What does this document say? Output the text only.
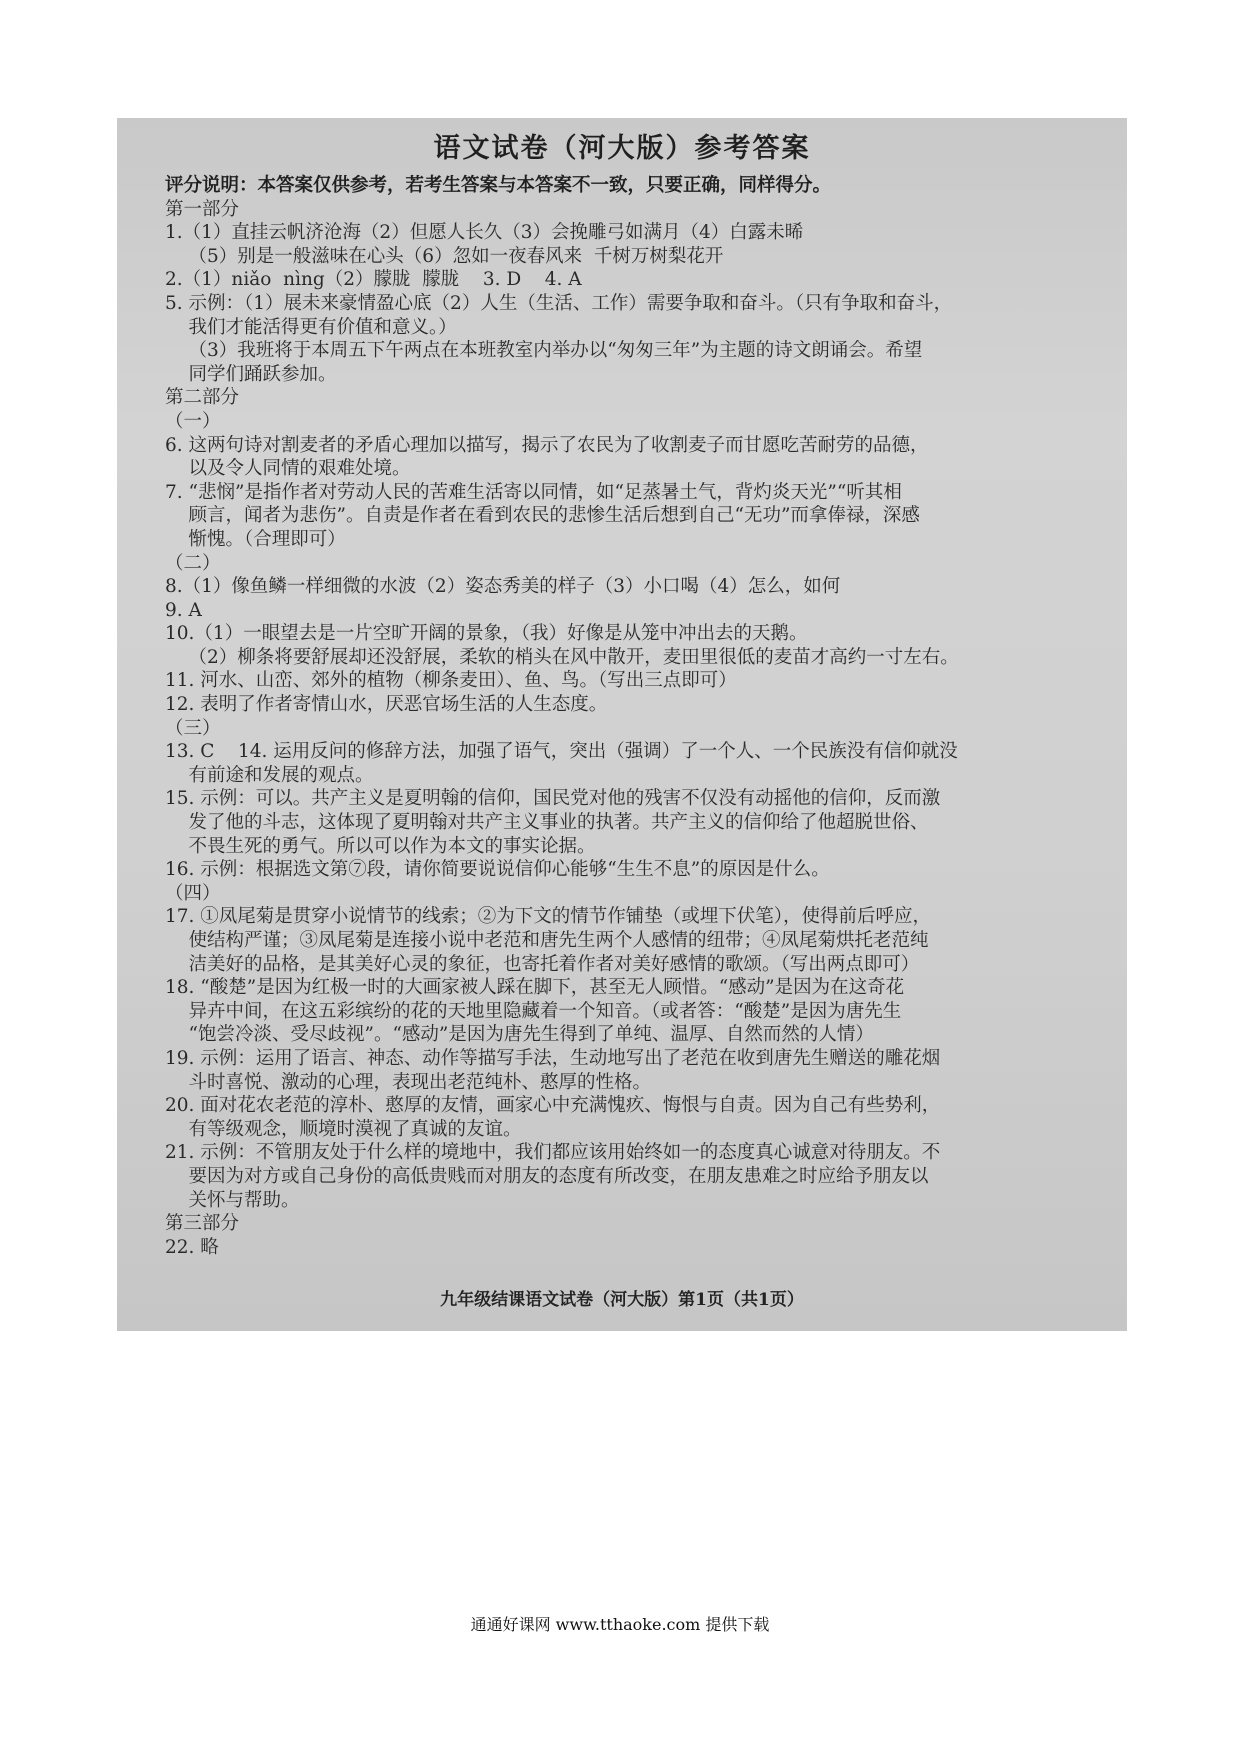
语文试卷（河大版）参考答案
评分说明：本答案仅供参考，若考生答案与本答案不一致，只要正确，同样得分。
第一部分
1.（1）直挂云帆济沧海（2）但愿人长久（3）会挽雕弓如满月（4）白露未晞
（5）别是一般滋味在心头（6）忽如一夜春风来  千树万树梨花开
2.（1）niǎo  nìng（2）朦胧  朦胧    3. D    4. A
5. 示例：（1）展未来豪情盈心底（2）人生（生活、工作）需要争取和奋斗。（只有争取和奋斗，
我们才能活得更有价值和意义。）
（3）我班将于本周五下午两点在本班教室内举办以“匆匆三年”为主题的诗文朗诵会。希望
同学们踊跃参加。
第二部分
（一）
6. 这两句诗对割麦者的矛盾心理加以描写，揭示了农民为了收割麦子而甘愿吃苦耐劳的品德，
以及令人同情的艰难处境。
7. “悲悯”是指作者对劳动人民的苦难生活寄以同情，如“足蒸暑土气，背灼炎天光”“听其相
顾言，闻者为悲伤”。自责是作者在看到农民的悲惨生活后想到自己“无功”而拿俸禄，深感
惭愧。（合理即可）
（二）
8.（1）像鱼鳞一样细微的水波（2）姿态秀美的样子（3）小口喝（4）怎么，如何
9. A
10.（1）一眼望去是一片空旷开阔的景象，（我）好像是从笼中冲出去的天鹅。
（2）柳条将要舒展却还没舒展，柔软的梢头在风中散开，麦田里很低的麦苗才高约一寸左右。
11. 河水、山峦、郊外的植物（柳条麦田）、鱼、鸟。（写出三点即可）
12. 表明了作者寄情山水，厌恶官场生活的人生态度。
（三）
13. C    14. 运用反问的修辞方法，加强了语气，突出（强调）了一个人、一个民族没有信仰就没
有前途和发展的观点。
15. 示例：可以。共产主义是夏明翰的信仰，国民党对他的残害不仅没有动摇他的信仰，反而激
发了他的斗志，这体现了夏明翰对共产主义事业的执著。共产主义的信仰给了他超脱世俗、
不畏生死的勇气。所以可以作为本文的事实论据。
16. 示例：根据选文第⑦段，请你简要说说信仰心能够“生生不息”的原因是什么。
（四）
17. ①凤尾菊是贯穿小说情节的线索；②为下文的情节作铺垫（或埋下伏笔），使得前后呼应，
使结构严谨；③凤尾菊是连接小说中老范和唐先生两个人感情的纽带；④凤尾菊烘托老范纯
洁美好的品格，是其美好心灵的象征，也寄托着作者对美好感情的歌颂。（写出两点即可）
18. “酸楚”是因为红极一时的大画家被人踩在脚下，甚至无人顾惜。“感动”是因为在这奇花
异卉中间，在这五彩缤纷的花的天地里隐藏着一个知音。（或者答：“酸楚”是因为唐先生
“饱尝冷淡、受尽歧视”。“感动”是因为唐先生得到了单纯、温厚、自然而然的人情）
19. 示例：运用了语言、神态、动作等描写手法，生动地写出了老范在收到唐先生赠送的雕花烟
斗时喜悦、激动的心理，表现出老范纯朴、憨厚的性格。
20. 面对花农老范的淳朴、憨厚的友情，画家心中充满愧疚、悔恨与自责。因为自己有些势利，
有等级观念，顺境时漠视了真诚的友谊。
21. 示例：不管朋友处于什么样的境地中，我们都应该用始终如一的态度真心诚意对待朋友。不
要因为对方或自己身份的高低贵贱而对朋友的态度有所改变，在朋友患难之时应给予朋友以
关怀与帮助。
第三部分
22. 略
九年级结课语文试卷（河大版）第1页（共1页）
通通好课网 www.tthaoke.com 提供下载
